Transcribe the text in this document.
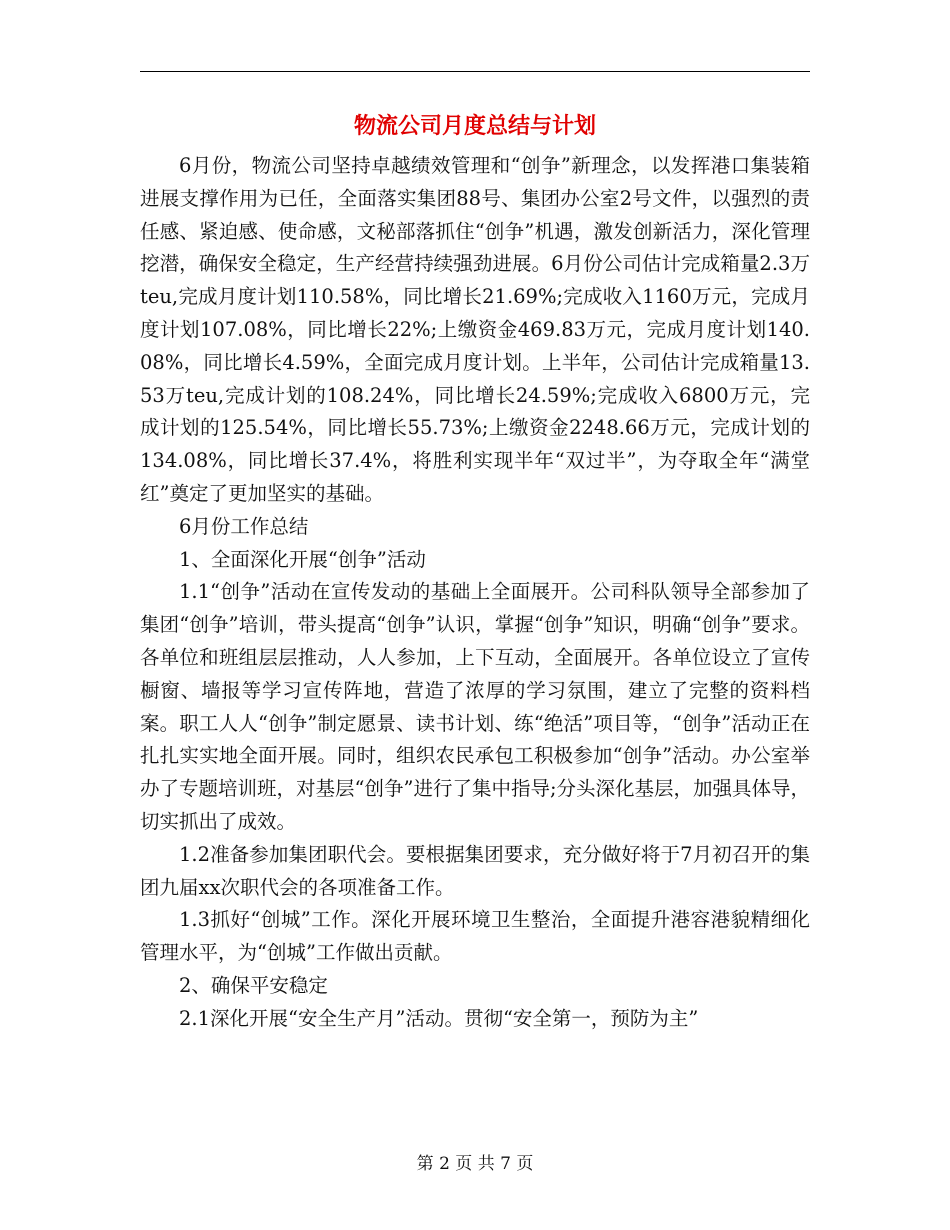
物流公司月度总结与计划

6月份，物流公司坚持卓越绩效管理和“创争”新理念，以发挥港口集装箱进展支撑作用为已任，全面落实集团88号、集团办公室2号文件，以强烈的责任感、紧迫感、使命感，文秘部落抓住“创争”机遇，激发创新活力，深化管理挖潜，确保安全稳定，生产经营持续强劲进展。6月份公司估计完成箱量2.3万teu,完成月度计划110.58%，同比增长21.69%;完成收入1160万元，完成月度计划107.08%，同比增长22%;上缴资金469.83万元，完成月度计划140.08%，同比增长4.59%，全面完成月度计划。上半年，公司估计完成箱量13.53万teu,完成计划的108.24%，同比增长24.59%;完成收入6800万元，完成计划的125.54%，同比增长55.73%;上缴资金2248.66万元，完成计划的134.08%，同比增长37.4%，将胜利实现半年“双过半”，为夺取全年“满堂红”奠定了更加坚实的基础。

6月份工作总结

1、全面深化开展“创争”活动

1.1“创争”活动在宣传发动的基础上全面展开。公司科队领导全部参加了集团“创争”培训，带头提高“创争”认识，掌握“创争”知识，明确“创争”要求。各单位和班组层层推动，人人参加，上下互动，全面展开。各单位设立了宣传橱窗、墙报等学习宣传阵地，营造了浓厚的学习氛围，建立了完整的资料档案。职工人人“创争”制定愿景、读书计划、练“绝活”项目等，“创争”活动正在扎扎实实地全面开展。同时，组织农民承包工积极参加“创争”活动。办公室举办了专题培训班，对基层“创争”进行了集中指导;分头深化基层，加强具体导，切实抓出了成效。

1.2准备参加集团职代会。要根据集团要求，充分做好将于7月初召开的集团九届xx次职代会的各项准备工作。

1.3抓好“创城”工作。深化开展环境卫生整治，全面提升港容港貌精细化管理水平，为“创城”工作做出贡献。

2、确保平安稳定

2.1深化开展“安全生产月”活动。贯彻“安全第一，预防为主”

第 2 页 共 7 页
